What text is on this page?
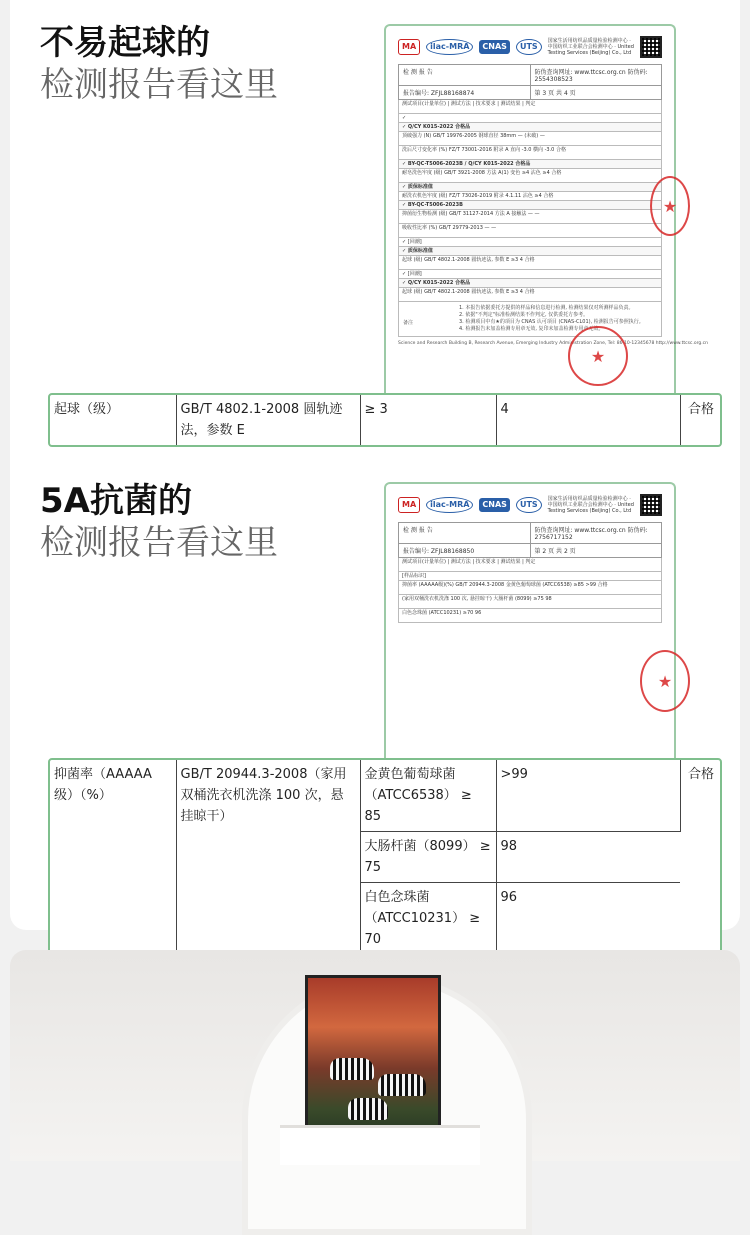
不易起球的
检测报告看这里
MA	ilac-MRA	CNAS	UTS
国家生活用纺织品质量检验检测中心 · 中国纺织工业联合会检测中心 · United Testing Services (Beijing) Co., Ltd
检 测 报 告	防伪查询网址: www.ttcsc.org.cn 防伪码: 2554308523
报告编号: ZFJL88168874	第 3 页 共 4 页
测试项目(计量单位) | 测试方法 | 技术要求 | 测试结果 | 判定
✓
✓ Q/CY K015-2022 合格品
顶破强力 (N) GB/T 19976-2005 钢球直径 38mm — (未破) —
洗后尺寸变化率 (%) FZ/T 73001-2016 附录 A 直向 -3.0 横向 -3.0 合格
✓ BY-QC-T5006-2023B / Q/CY K015-2022 合格品
耐皂洗色牢度 (级) GB/T 3921-2008 方法 A(1) 变色 ≥4 沾色 ≥4 合格
✓ 质保标准值
耐洗衣机色牢度 (级) FZ/T 73026-2019 附录 4.1.11 沾色 ≥4 合格
✓ BY-QC-T5006-2023B
抑菌衍生物检测 (级) GB/T 31127-2014 方法 A 接触法 — —
吸收性比率 (%) GB/T 29779-2013 — —
✓ [回潮]
✓ 质保标准值
起球 (级) GB/T 4802.1-2008 圆轨迹法, 参数 E ≥3 4 合格
✓ [回潮]
✓ Q/CY K015-2022 合格品
起球 (级) GB/T 4802.1-2008 圆轨迹法, 参数 E ≥3 4 合格
备注
1. 本报告依据委托方提供的样品和信息进行检测, 检测结果仅对所测样品负责。
2. 依据"不判定"标准检测结果不作判定, 仅供委托方参考。
3. 检测项目中有★的项目为 CNAS 认可项目 (CNAS-CL01), 检测报告可参照执行。
4. 检测报告未加盖检测专用章无效, 复印未加盖检测专用章无效。
Science and Research Building B, Research Avenue, Emerging Industry Administration Zone, Tel: 86-10-12345678 http://www.ttcsc.org.cn
★
★
起球（级）	GB/T 4802.1-2008 圆轨迹法，参数 E	≥ 3	4	合格
5A抗菌的
检测报告看这里
MA	ilac-MRA	CNAS	UTS
国家生活用纺织品质量检验检测中心 · 中国纺织工业联合会检测中心 · United Testing Services (Beijing) Co., Ltd
检 测 报 告	防伪查询网址: www.ttcsc.org.cn 防伪码: 2756717152
报告编号: ZFJL88168850	第 2 页 共 2 页
测试项目(计量单位) | 测试方法 | 技术要求 | 测试结果 | 判定
[样品标识]
抑菌率 (AAAAA级)(%) GB/T 20944.3-2008 金黄色葡萄球菌 (ATCC6538) ≥85 >99 合格
(家用双桶洗衣机洗涤 100 次, 悬挂晾干) 大肠杆菌 (8099) ≥75 98
白色念珠菌 (ATCC10231) ≥70 96
★
抑菌率（AAAAA 级）（%）	GB/T 20944.3-2008（家用双桶洗衣机洗涤 100 次，悬挂晾干）	金黄色葡萄球菌（ATCC6538） ≥ 85	>99	合格
		大肠杆菌（8099） ≥ 75	98	
		白色念珠菌（ATCC10231） ≥ 70	96	
